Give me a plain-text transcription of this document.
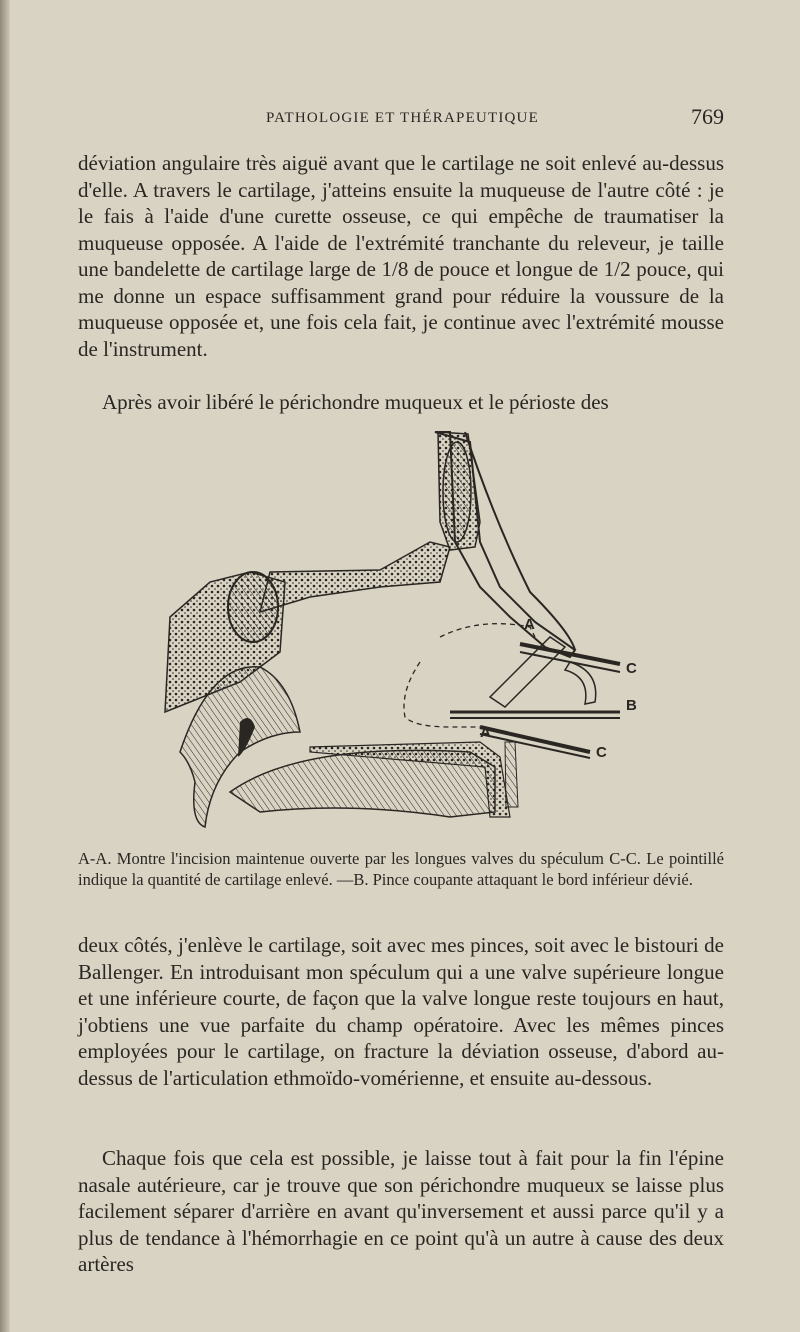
PATHOLOGIE ET THÉRAPEUTIQUE	769

déviation angulaire très aiguë avant que le cartilage ne soit enlevé au-dessus d'elle. A travers le cartilage, j'atteins ensuite la muqueuse de l'autre côté : je le fais à l'aide d'une curette osseuse, ce qui empêche de traumatiser la muqueuse opposée. A l'aide de l'extrémité tranchante du releveur, je taille une bandelette de cartilage large de 1/8 de pouce et longue de 1/2 pouce, qui me donne un espace suffisamment grand pour réduire la voussure de la muqueuse opposée et, une fois cela fait, je continue avec l'extrémité mousse de l'instrument.

Après avoir libéré le périchondre muqueux et le périoste des

A
A
C
B
C

A-A. Montre l'incision maintenue ouverte par les longues valves du spéculum C-C. Le pointillé indique la quantité de cartilage enlevé. —B. Pince coupante attaquant le bord inférieur dévié.

deux côtés, j'enlève le cartilage, soit avec mes pinces, soit avec le bistouri de Ballenger. En introduisant mon spéculum qui a une valve supérieure longue et une inférieure courte, de façon que la valve longue reste toujours en haut, j'obtiens une vue parfaite du champ opératoire. Avec les mêmes pinces employées pour le cartilage, on fracture la déviation osseuse, d'abord au-dessus de l'articulation ethmoïdo-vomérienne, et ensuite au-dessous.

Chaque fois que cela est possible, je laisse tout à fait pour la fin l'épine nasale autérieure, car je trouve que son périchondre muqueux se laisse plus facilement séparer d'arrière en avant qu'inversement et aussi parce qu'il y a plus de tendance à l'hémorrhagie en ce point qu'à un autre à cause des deux artères
